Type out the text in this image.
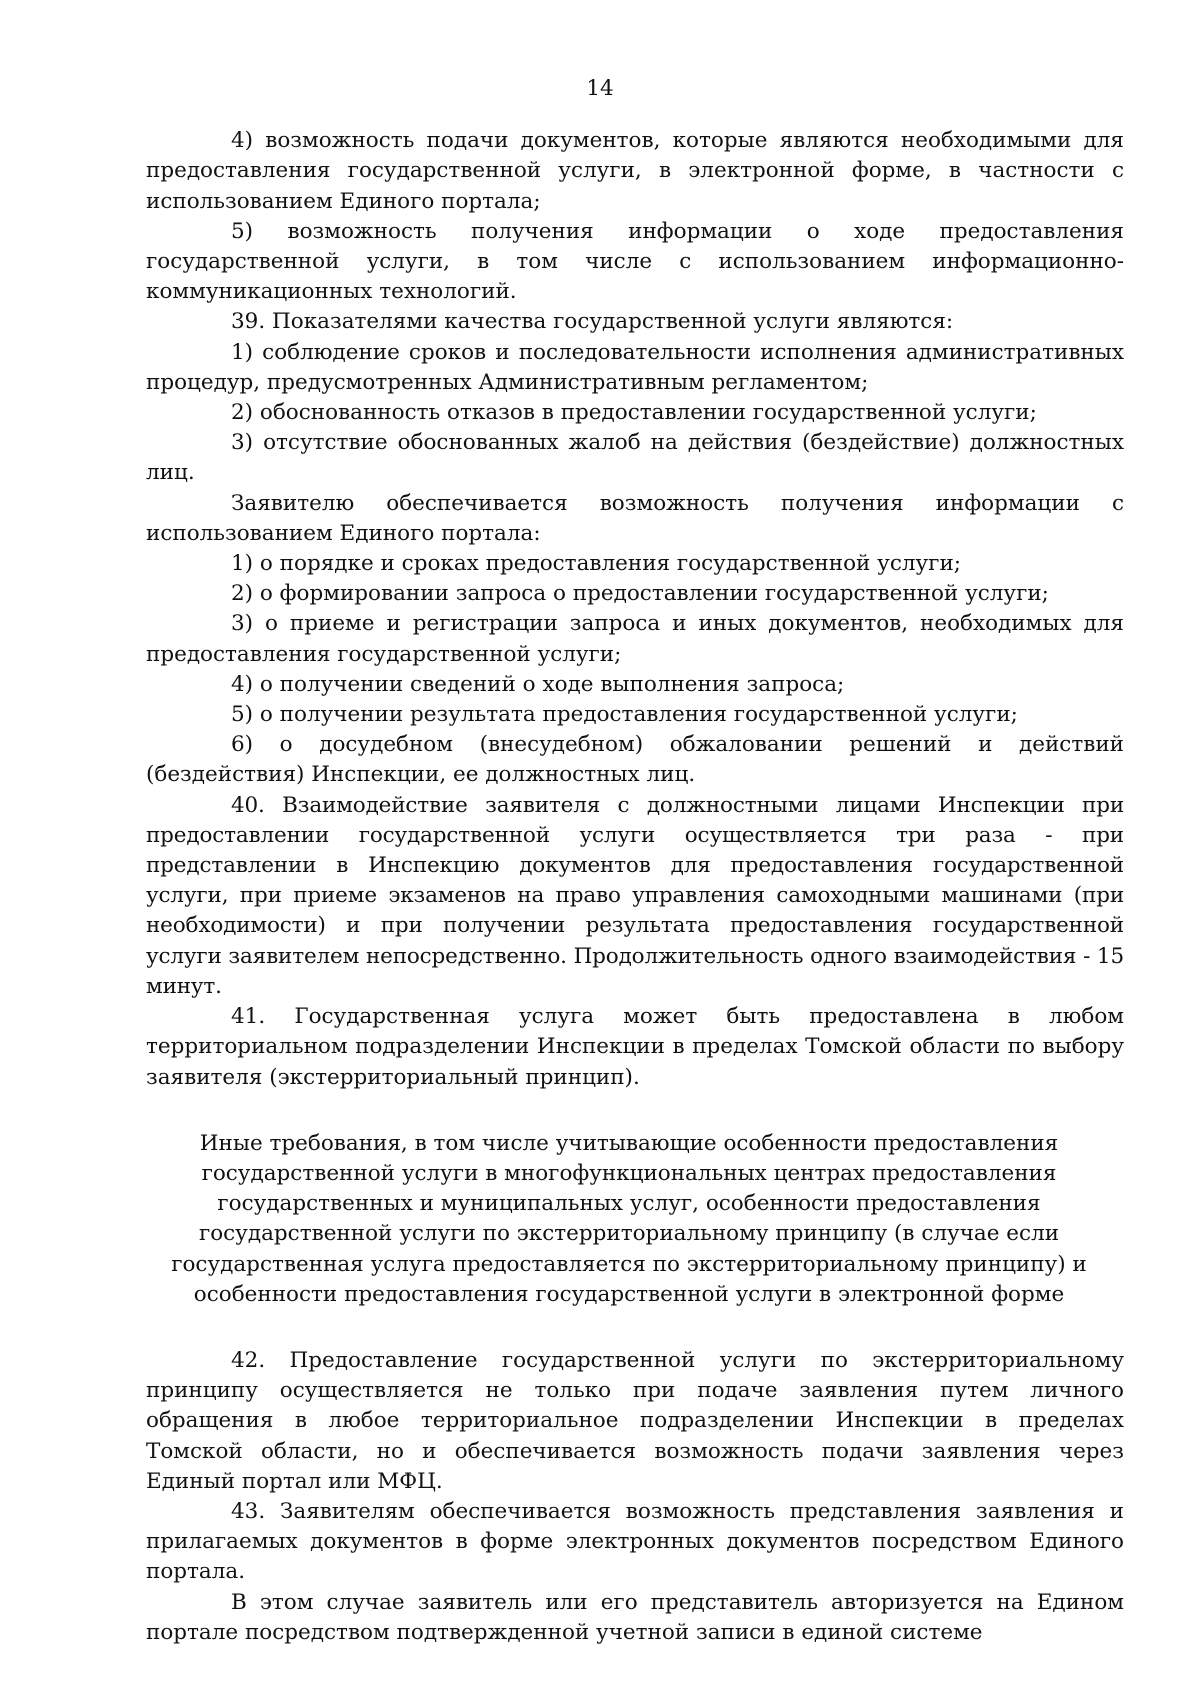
14

4) возможность подачи документов, которые являются необходимыми для предоставления государственной услуги, в электронной форме, в частности с использованием Единого портала;

5) возможность получения информации о ходе предоставления государственной услуги, в том числе с использованием информационно-коммуникационных технологий.

39. Показателями качества государственной услуги являются:

1) соблюдение сроков и последовательности исполнения административных процедур, предусмотренных Административным регламентом;

2) обоснованность отказов в предоставлении государственной услуги;

3) отсутствие обоснованных жалоб на действия (бездействие) должностных лиц.

Заявителю обеспечивается возможность получения информации с использованием Единого портала:

1) о порядке и сроках предоставления государственной услуги;

2) о формировании запроса о предоставлении государственной услуги;

3) о приеме и регистрации запроса и иных документов, необходимых для предоставления государственной услуги;

4) о получении сведений о ходе выполнения запроса;

5) о получении результата предоставления государственной услуги;

6) о досудебном (внесудебном) обжаловании решений и действий (бездействия) Инспекции, ее должностных лиц.

40. Взаимодействие заявителя с должностными лицами Инспекции при предоставлении государственной услуги осуществляется три раза - при представлении в Инспекцию документов для предоставления государственной услуги, при приеме экзаменов на право управления самоходными машинами (при необходимости) и при получении результата предоставления государственной услуги заявителем непосредственно. Продолжительность одного взаимодействия - 15 минут.

41. Государственная услуга может быть предоставлена в любом территориальном подразделении Инспекции в пределах Томской области по выбору заявителя (экстерриториальный принцип).

Иные требования, в том числе учитывающие особенности предоставления
государственной услуги в многофункциональных центрах предоставления
государственных и муниципальных услуг, особенности предоставления
государственной услуги по экстерриториальному принципу (в случае если
государственная услуга предоставляется по экстерриториальному принципу) и
особенности предоставления государственной услуги в электронной форме

42. Предоставление государственной услуги по экстерриториальному принципу осуществляется не только при подаче заявления путем личного обращения в любое территориальное подразделении Инспекции в пределах Томской области, но и обеспечивается возможность подачи заявления через Единый портал или МФЦ.

43. Заявителям обеспечивается возможность представления заявления и прилагаемых документов в форме электронных документов посредством Единого портала.

В этом случае заявитель или его представитель авторизуется на Едином портале посредством подтвержденной учетной записи в единой системе
